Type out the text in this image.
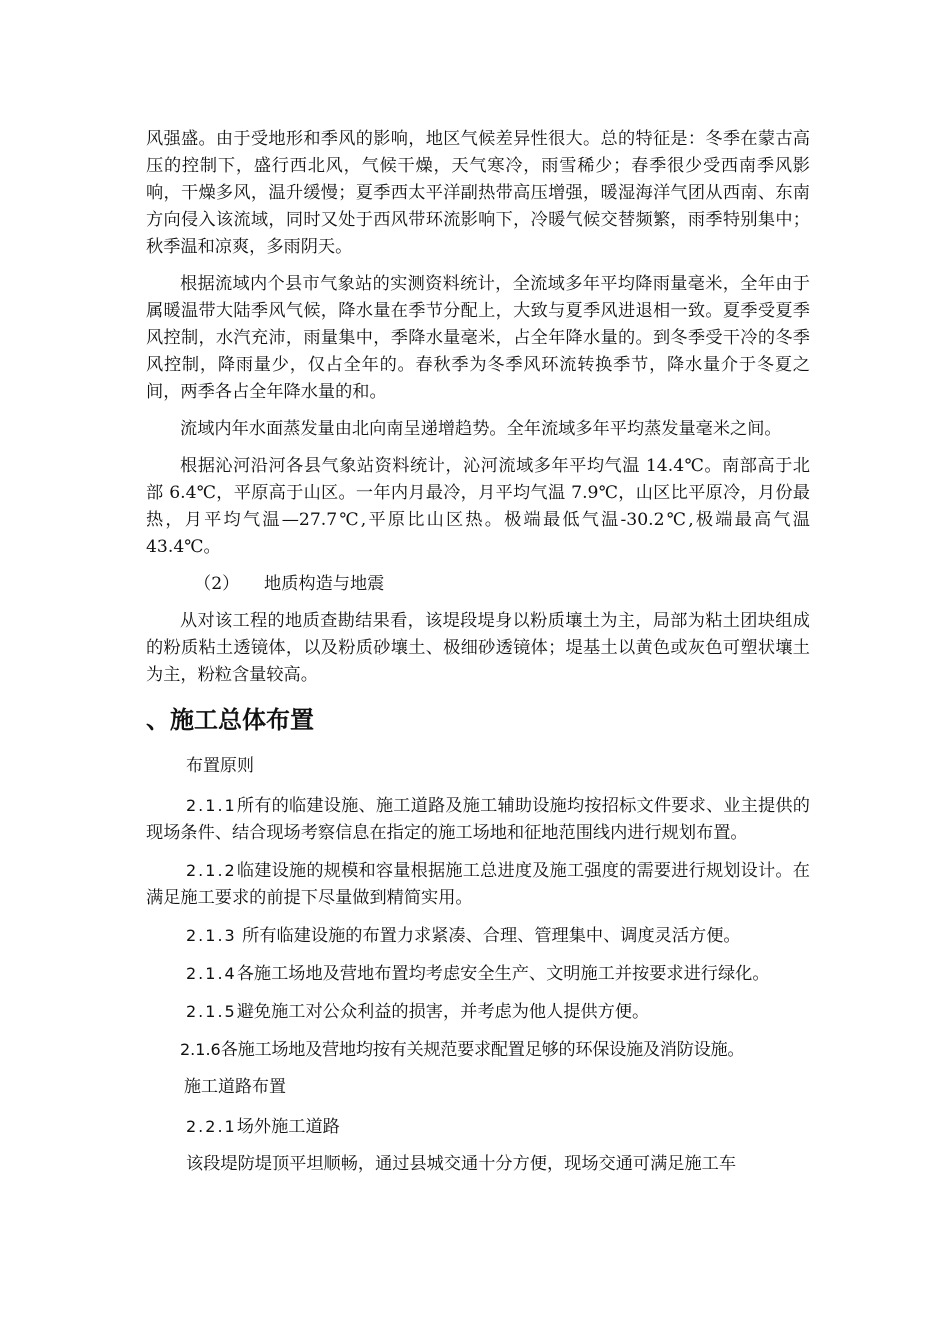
风强盛。由于受地形和季风的影响，地区气候差异性很大。总的特征是：冬季在蒙古高压的控制下，盛行西北风，气候干燥，天气寒冷，雨雪稀少；春季很少受西南季风影响，干燥多风，温升缓慢；夏季西太平洋副热带高压增强，暖湿海洋气团从西南、东南方向侵入该流域，同时又处于西风带环流影响下，冷暖气候交替频繁，雨季特别集中；秋季温和凉爽，多雨阴天。

根据流域内个县市气象站的实测资料统计，全流域多年平均降雨量毫米，全年由于属暖温带大陆季风气候，降水量在季节分配上，大致与夏季风进退相一致。夏季受夏季风控制，水汽充沛，雨量集中，季降水量毫米，占全年降水量的。到冬季受干冷的冬季风控制，降雨量少，仅占全年的。春秋季为冬季风环流转换季节，降水量介于冬夏之间，两季各占全年降水量的和。

流域内年水面蒸发量由北向南呈递增趋势。全年流域多年平均蒸发量毫米之间。

根据沁河沿河各县气象站资料统计，沁河流域多年平均气温 14.4℃。南部高于北部 6.4℃，平原高于山区。一年内月最冷，月平均气温 7.9℃，山区比平原冷，月份最热，月平均气温—27.7℃,平原比山区热。极端最低气温-30.2℃,极端最高气温 43.4℃。

（2） 地质构造与地震

从对该工程的地质查勘结果看，该堤段堤身以粉质壤土为主，局部为粘土团块组成的粉质粘土透镜体，以及粉质砂壤土、极细砂透镜体；堤基土以黄色或灰色可塑状壤土为主，粉粒含量较高。

、施工总体布置
布置原则

2.1.1所有的临建设施、施工道路及施工辅助设施均按招标文件要求、业主提供的现场条件、结合现场考察信息在指定的施工场地和征地范围线内进行规划布置。

2.1.2临建设施的规模和容量根据施工总进度及施工强度的需要进行规划设计。在满足施工要求的前提下尽量做到精简实用。

2.1.3 所有临建设施的布置力求紧凑、合理、管理集中、调度灵活方便。

2.1.4各施工场地及营地布置均考虑安全生产、文明施工并按要求进行绿化。

2.1.5避免施工对公众利益的损害，并考虑为他人提供方便。

2.1.6各施工场地及营地均按有关规范要求配置足够的环保设施及消防设施。

施工道路布置

2.2.1场外施工道路

该段堤防堤顶平坦顺畅，通过县城交通十分方便，现场交通可满足施工车
